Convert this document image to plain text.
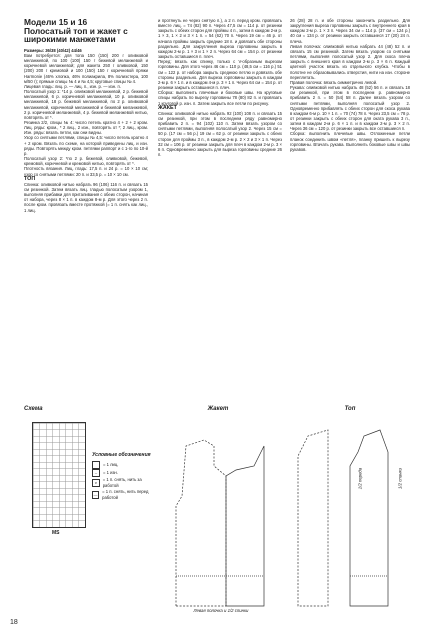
Модели 15 и 16
Полосатый топ и жакет с широкими манжетами

Размеры: 36/38 (40/42) 44/46

Вам потребуется: для топа 150 (150) 200 г оливковой меланжевой, по 100 (100) 150 г бежевой меланжевой и коричневой меланжевой; для жакета 250 г оливковой, 150 (200) 200 г кремовой и 100 (150) 150 г коричневой пряжи Harmonie (46% хлопка, 46% полиакрила, 8% полиэстера, 100 м/50 г); прямые спицы № 4 и № 4,5; круговые спицы № 4.

Лицевая гладь: лиц. р. — лиц. п., изн. р. — изн. п.

Полосатый узор 1: *14 р. оливковой меланжевой, 2 р. бежевой меланжевой, 6 р. коричневой меланжевой, 10 р. оливковой меланжевой, 18 р. бежевой меланжевой, по 2 р. оливковой меланжевой, коричневой меланжевой и бежевой меланжевой, 2 р. коричневой меланжевой, 4 р. бежевой меланжевой нитью, повторять от *.

Резинка 2/2, спицы № 4: число петель кратно 4 + 2 + 2 кром. Лиц. ряды: кром., * 2 лиц., 2 изн., повторять от *; 2 лиц., кром. Изн. ряды: вязать петли, как они видны.

Узор со снятыми петлями, спицы № 4,5: число петель кратно 4 + 2 кром. Вязать по схеме, на которой приведены лиц. и изн. ряды. Повторять между кром. петлями раппорт и с 1-го по 10-й р.

Полосатый узор 2: *по 2 р. бежевой, оливковой, бежевой, кремовой, коричневой и кремовой нитью, повторять от *.

Плотность вязания. Лиц. гладь: 17,5 п. и 24 р. = 10 × 10 см; узор со снятыми петлями: 20 п. и 33,5 р. = 10 × 10 см.

ТОП

Спинка: оливковой нитью набрать 96 (106) 116 п. и связать 15 см резинкой. Затем вязать лиц. гладью полосатым узором 1, выполняя прибавки для приталивания с обеих сторон, начиная от набора, через 8 × 1 п. в каждом 8-м р. Для этого через 2 п. после кром. провязать вместе протяжкой (= 1 п. снять как лиц., 1 лиц.

и протянуть ее через снятую п.), а 2 п. перед кром. провязать вместе лиц. = 74 (82) 90 п. Через 47,5 см = 114 р. от резинки закрыть с обеих сторон для проймы 4 п., затем в каждом 2-м р. 1 × 3, 1 × 2 и 3 × 1 п. = 54 (62) 70 п. Через 19 см = 46 р. от начала проймы закрыть средние 18 п. и довязать обе стороны раздельно. Для закругления выреза горловины закрыть в каждом 2-м р. 1 × 3 и 1 × 2 п. Через 64 см = 154 р. от резинки закрыть оставшиеся п. плеч.

Перед: вязать как спинку, только с V-образным вырезом горловины. Для этого через 46 см = 110 р. (48,5 см = 116 р.) 51 см = 122 р. от набора закрыть среднюю петлю и довязать обе стороны раздельно. Для выреза горловины закрыть в каждом 2-м р. 6 × 1 п. и в каждом 4-м р. 3 × 1 п. Через 64 см = 154 р. от резинки закрыть оставшиеся п. плеч.

Сборка: выполнить плечевые и боковые швы. На круговые спицы набрать по вырезу горловины 78 (80) 82 п. и провязать 1 круговой р. изн. п. Затем закрыть все петли по рисунку.

ЖАКЕТ

Спинка: оливковой нитью набрать 92 (100) 108 п. и связать 15 см резинкой, при этом в последнем ряду равномерно прибавить 2 п. = 94 (102) 110 п. Затем вязать узором со снятыми петлями, выполняя полосатый узор 2. Через 15 см = 50 р. (17 см = 56 р.) 19 см = 62 р. от резинки закрыть с обеих сторон для проймы 3 п., в каждом 2-м р. 2 × 2 и 3 × 1 п. Через 32 см = 106 р. от резинки закрыть для плеч в каждом 2-м р. 3 × 6 п. Одновременно закрыть для выреза горловины средние 26 п.

26 (28) 28 п. и обе стороны закончить раздельно. Для закругления выреза горловины закрыть с внутреннего края в каждом 2-м р. 1 × 3 п. Через 34 см = 114 р. (37 см = 124 р.) 40 см = 134 р. от резинки закрыть оставшиеся 17 (20) 24 п. плеча.

Левая полочка: оливковой нитью набрать 44 (48) 52 п. и связать 15 см резинкой. Затем вязать узором со снятыми петлями, выполняя полосатый узор 2. Для скоса плеча закрыть с внешнего края в каждом 2-м р. 3 × 6 п. Каждый цветной участок вязать из отдельного клубка. Чтобы в полотне не образовывались отверстия, нити на изн. стороне переплетать.

Правая полочка: вязать симметрично левой.

Рукава: оливковой нитью набрать 48 (52) 56 п. и связать 18 см резинкой, при этом в последнем р. равномерно прибавить 2 п. = 50 (54) 58 п. Далее вязать узором со снятыми петлями, выполняя полосатый узор 2. Одновременно прибавлять с обеих сторон для скоса рукава в каждом 6-м р. 10 × 1 п. = 70 (74) 78 п. Через 23,5 см = 78 р. от резинки закрыть с обеих сторон для оката рукава 3 п., затем в каждом 2-м р. 6 × 1 п. и в каждом 2-м р. 3 × 2 п. Через 36 см = 120 р. от резинки закрыть все оставшиеся п.

Сборка: выполнить плечевые швы. Отложенные петли планок соединить швом «петля», планку пришить к вырезу горловины. Втачать рукава. Выполнить боковые швы и швы рукавов.

Схема
MS
Условные обозначения
= 1 лиц.
–	= 1 изн.
v
= 1 п. снять, нить за работой
—
= 1 п. снять, нить перед работой
Жакет
Левая полочка и 1/2 спинки
Топ
1/2 переда	1/2 спинки
18
